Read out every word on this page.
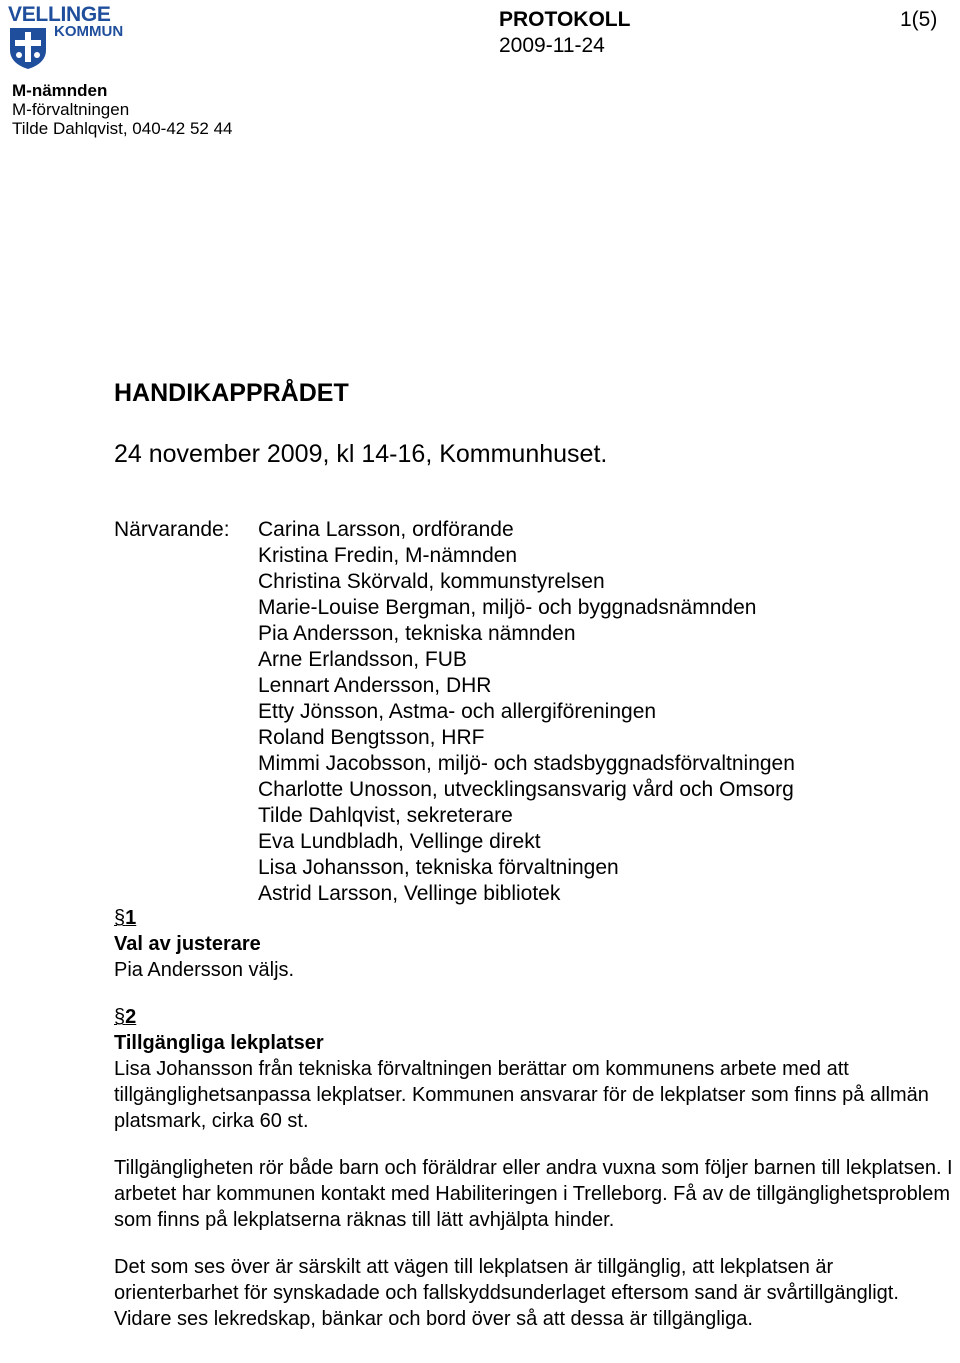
VELLINGE
KOMMUN
PROTOKOLL
2009-11-24
1(5)
M-nämnden
M-förvaltningen
Tilde Dahlqvist, 040-42 52 44
HANDIKAPPRÅDET
24 november 2009, kl 14-16, Kommunhuset.
Närvarande: Carina Larsson, ordförande
Kristina Fredin, M-nämnden
Christina Skörvald, kommunstyrelsen
Marie-Louise Bergman, miljö- och byggnadsnämnden
Pia Andersson, tekniska nämnden
Arne Erlandsson, FUB
Lennart Andersson, DHR
Etty Jönsson, Astma- och allergiföreningen
Roland Bengtsson, HRF
Mimmi Jacobsson, miljö- och stadsbyggnadsförvaltningen
Charlotte Unosson, utvecklingsansvarig vård och Omsorg
Tilde Dahlqvist, sekreterare
Eva Lundbladh, Vellinge direkt
Lisa Johansson, tekniska förvaltningen
Astrid Larsson, Vellinge bibliotek
§1
Val av justerare

Pia Andersson väljs.

§2
Tillgängliga lekplatser

Lisa Johansson från tekniska förvaltningen berättar om kommunens arbete med att tillgänglighetsanpassa lekplatser. Kommunen ansvarar för de lekplatser som finns på allmän platsmark, cirka 60 st.

Tillgängligheten rör både barn och föräldrar eller andra vuxna som följer barnen till lekplatsen. I arbetet har kommunen kontakt med Habiliteringen i Trelleborg. Få av de tillgänglighetsproblem som finns på lekplatserna räknas till lätt avhjälpta hinder.

Det som ses över är särskilt att vägen till lekplatsen är tillgänglig, att lekplatsen är orienterbarhet för synskadade och fallskyddsunderlaget eftersom sand är svårtillgängligt. Vidare ses lekredskap, bänkar och bord över så att dessa är tillgängliga.
